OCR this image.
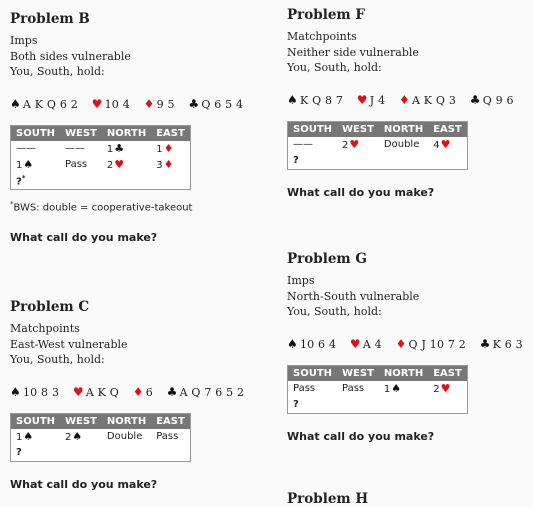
Problem B
Imps
Both sides vulnerable
You, South, hold:
♠ A K Q 6 2 ♥ 10 4 ♦ 9 5 ♣ Q 6 5 4
SOUTH	WEST	NORTH	EAST
——	——	1♣	1♦
1♠	Pass	2♥	3♦
?*
*BWS: double = cooperative-takeout
What call do you make?
Problem C
Matchpoints
East-West vulnerable
You, South, hold:
♠ 10 8 3 ♥ A K Q ♦ 6 ♣ A Q 7 6 5 2
SOUTH	WEST	NORTH	EAST
1♠	2♠	Double	Pass
?			
What call do you make?
Problem F
Matchpoints
Neither side vulnerable
You, South, hold:
♠ K Q 8 7 ♥ J 4 ♦ A K Q 3 ♣ Q 9 6
SOUTH	WEST	NORTH	EAST
——	2♥	Double	4♥
?			
What call do you make?
Problem G
Imps
North-South vulnerable
You, South, hold:
♠ 10 6 4 ♥ A 4 ♦ Q J 10 7 2 ♣ K 6 3
SOUTH	WEST	NORTH	EAST
Pass	Pass	1♠	2♥
?			
What call do you make?
Problem H
